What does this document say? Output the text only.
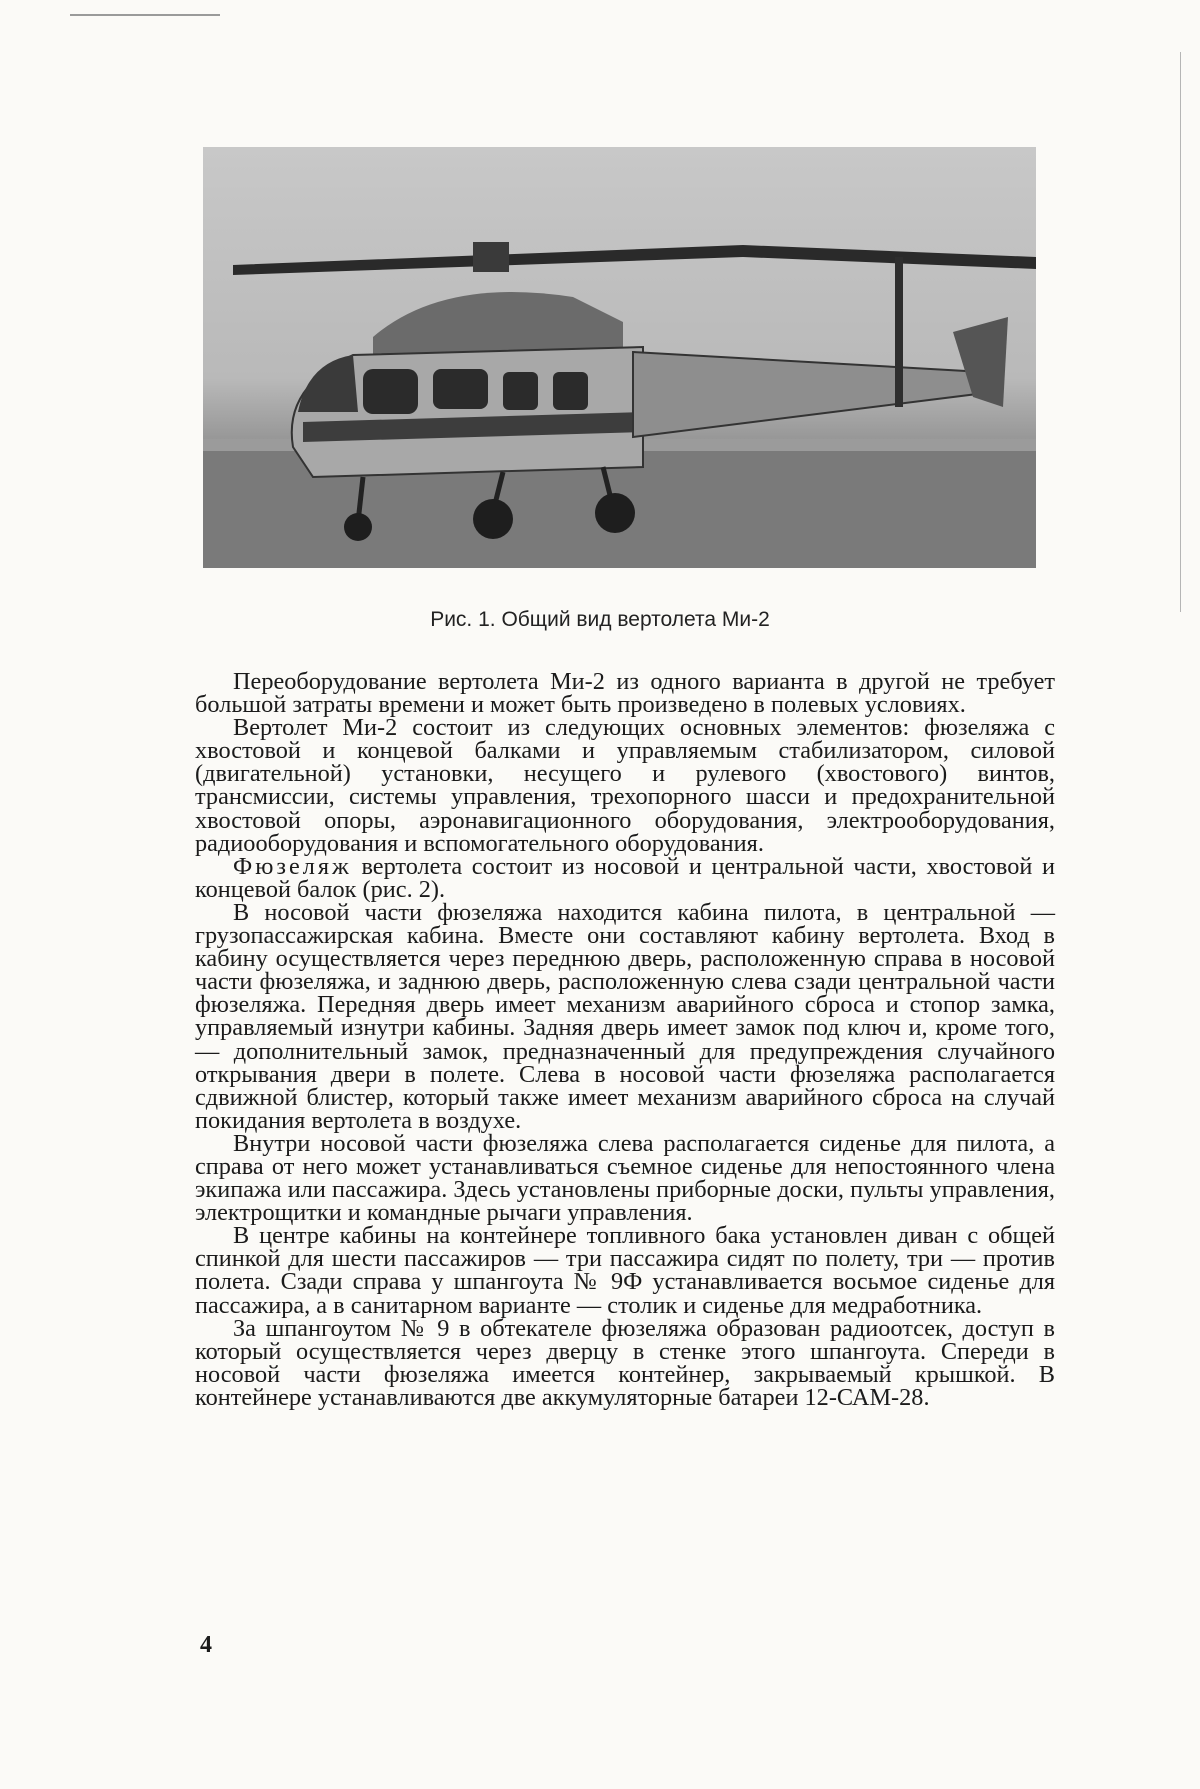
Рис. 1. Общий вид вертолета Ми-2

Переоборудование вертолета Ми-2 из одного варианта в другой не требует большой затраты времени и может быть произведено в полевых условиях.

Вертолет Ми-2 состоит из следующих основных элементов: фюзеляжа с хвостовой и концевой балками и управляемым стабилизатором, силовой (двигательной) установки, несущего и рулевого (хвостового) винтов, трансмиссии, системы управления, трехопорного шасси и предохранительной хвостовой опоры, аэронавигационного оборудования, электрооборудования, радиооборудования и вспомогательного оборудования.

Фюзеляж вертолета состоит из носовой и центральной части, хвостовой и концевой балок (рис. 2).

В носовой части фюзеляжа находится кабина пилота, в центральной — грузопассажирская кабина. Вместе они составляют кабину вертолета. Вход в кабину осуществляется через переднюю дверь, расположенную справа в носовой части фюзеляжа, и заднюю дверь, расположенную слева сзади центральной части фюзеляжа. Передняя дверь имеет механизм аварийного сброса и стопор замка, управляемый изнутри кабины. Задняя дверь имеет замок под ключ и, кроме того, — дополнительный замок, предназначенный для предупреждения случайного открывания двери в полете. Слева в носовой части фюзеляжа располагается сдвижной блистер, который также имеет механизм аварийного сброса на случай покидания вертолета в воздухе.

Внутри носовой части фюзеляжа слева располагается сиденье для пилота, а справа от него может устанавливаться съемное сиденье для непостоянного члена экипажа или пассажира. Здесь установлены приборные доски, пульты управления, электрощитки и командные рычаги управления.

В центре кабины на контейнере топливного бака установлен диван с общей спинкой для шести пассажиров — три пассажира сидят по полету, три — против полета. Сзади справа у шпангоута № 9Ф устанавливается восьмое сиденье для пассажира, а в санитарном варианте — столик и сиденье для медработника.

За шпангоутом № 9 в обтекателе фюзеляжа образован радиоотсек, доступ в который осуществляется через дверцу в стенке этого шпангоута. Спереди в носовой части фюзеляжа имеется контейнер, закрываемый крышкой. В контейнере устанавливаются две аккумуляторные батареи 12-САМ-28.

4
